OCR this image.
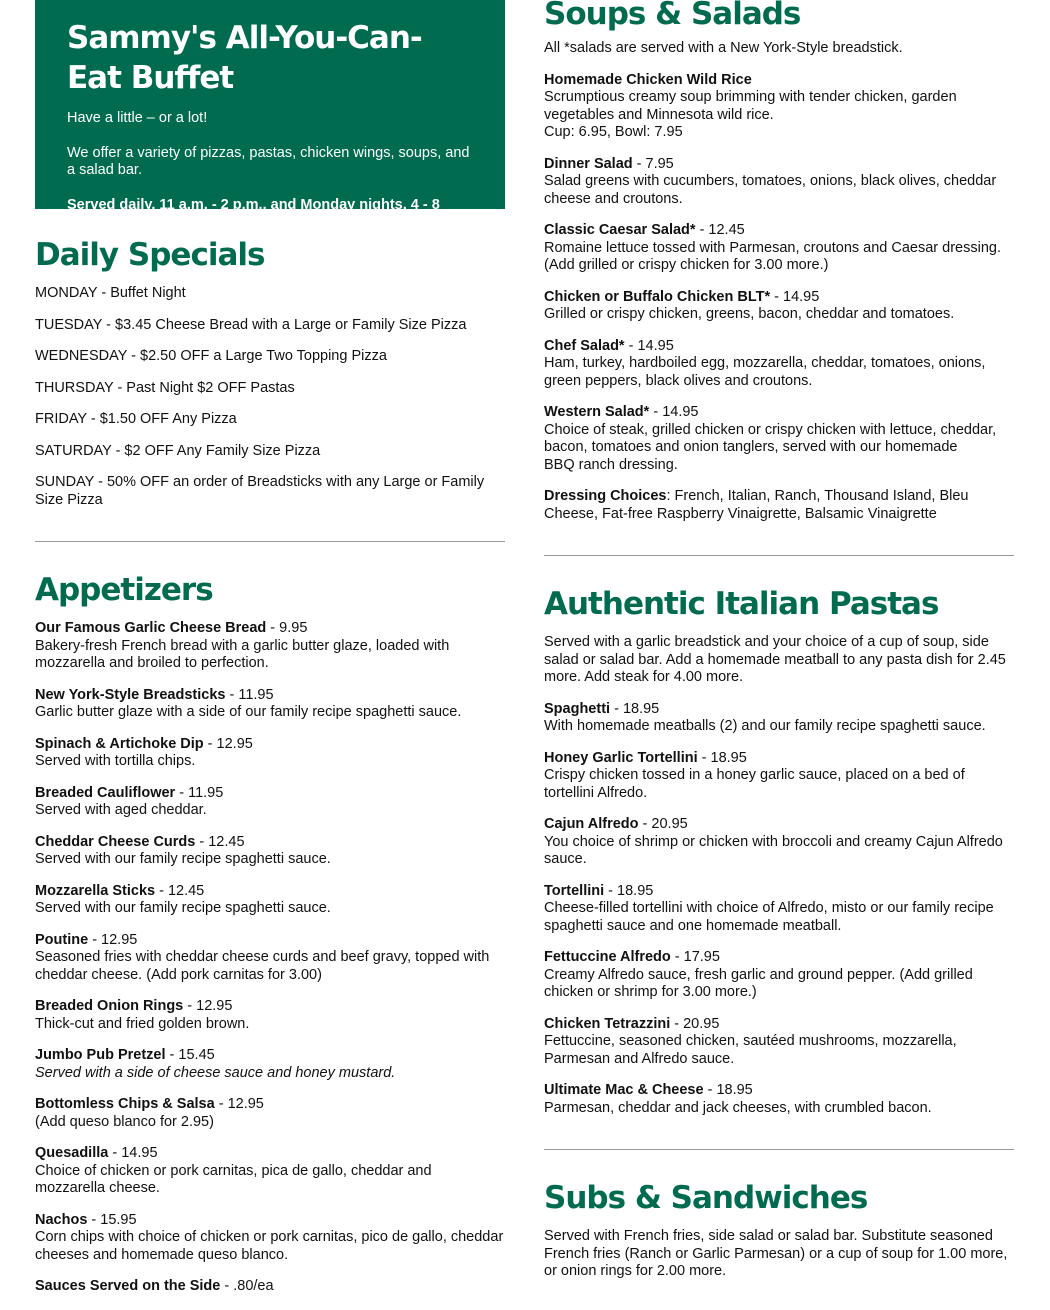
Sammy's All-You-Can-Eat Buffet

Have a little – or a lot!

We offer a variety of pizzas, pastas, chicken wings, soups, and a salad bar.

Served daily, 11 a.m. - 2 p.m., and Monday nights, 4 - 8 p.m.

Daily Specials
MONDAY - Buffet Night
TUESDAY - $3.45 Cheese Bread with a Large or Family Size Pizza
WEDNESDAY - $2.50 OFF a Large Two Topping Pizza
THURSDAY - Past Night $2 OFF Pastas
FRIDAY - $1.50 OFF Any Pizza
SATURDAY - $2 OFF Any Family Size Pizza
SUNDAY - 50% OFF an order of Breadsticks with any Large or Family Size Pizza
Appetizers
Our Famous Garlic Cheese Bread - 9.95
Bakery-fresh French bread with a garlic butter glaze, loaded with mozzarella and broiled to perfection.
New York-Style Breadsticks - 11.95
Garlic butter glaze with a side of our family recipe spaghetti sauce.
Spinach & Artichoke Dip - 12.95
Served with tortilla chips.
Breaded Cauliflower - 11.95
Served with aged cheddar.
Cheddar Cheese Curds - 12.45
Served with our family recipe spaghetti sauce.
Mozzarella Sticks - 12.45
Served with our family recipe spaghetti sauce.
Poutine - 12.95
Seasoned fries with cheddar cheese curds and beef gravy, topped with cheddar cheese. (Add pork carnitas for 3.00)
Breaded Onion Rings - 12.95
Thick-cut and fried golden brown.
Jumbo Pub Pretzel - 15.45
Served with a side of cheese sauce and honey mustard.
Bottomless Chips & Salsa - 12.95
(Add queso blanco for 2.95)
Quesadilla - 14.95
Choice of chicken or pork carnitas, pica de gallo, cheddar and mozzarella cheese.
Nachos - 15.95
Corn chips with choice of chicken or pork carnitas, pico de gallo, cheddar cheeses and homemade queso blanco.
Sauces Served on the Side - .80/ea
Soups & Salads

All *salads are served with a New York-Style breadstick.

Homemade Chicken Wild Rice
Scrumptious creamy soup brimming with tender chicken, garden vegetables and Minnesota wild rice.
Cup: 6.95, Bowl: 7.95
Dinner Salad - 7.95
Salad greens with cucumbers, tomatoes, onions, black olives, cheddar cheese and croutons.
Classic Caesar Salad* - 12.45
Romaine lettuce tossed with Parmesan, croutons and Caesar dressing. (Add grilled or crispy chicken for 3.00 more.)
Chicken or Buffalo Chicken BLT* - 14.95
Grilled or crispy chicken, greens, bacon, cheddar and tomatoes.
Chef Salad* - 14.95
Ham, turkey, hardboiled egg, mozzarella, cheddar, tomatoes, onions, green peppers, black olives and croutons.
Western Salad* - 14.95
Choice of steak, grilled chicken or crispy chicken with lettuce, cheddar, bacon, tomatoes and onion tanglers, served with our homemade
BBQ ranch dressing.
Dressing Choices: French, Italian, Ranch, Thousand Island, Bleu Cheese, Fat-free Raspberry Vinaigrette, Balsamic Vinaigrette
Authentic Italian Pastas

Served with a garlic breadstick and your choice of a cup of soup, side salad or salad bar. Add a homemade meatball to any pasta dish for 2.45 more. Add steak for 4.00 more.

Spaghetti - 18.95
With homemade meatballs (2) and our family recipe spaghetti sauce.
Honey Garlic Tortellini - 18.95
Crispy chicken tossed in a honey garlic sauce, placed on a bed of tortellini Alfredo.
Cajun Alfredo - 20.95
You choice of shrimp or chicken with broccoli and creamy Cajun Alfredo sauce.
Tortellini - 18.95
Cheese-filled tortellini with choice of Alfredo, misto or our family recipe spaghetti sauce and one homemade meatball.
Fettuccine Alfredo - 17.95
Creamy Alfredo sauce, fresh garlic and ground pepper. (Add grilled chicken or shrimp for 3.00 more.)
Chicken Tetrazzini - 20.95
Fettuccine, seasoned chicken, sautéed mushrooms, mozzarella, Parmesan and Alfredo sauce.
Ultimate Mac & Cheese - 18.95
Parmesan, cheddar and jack cheeses, with crumbled bacon.
Subs & Sandwiches

Served with French fries, side salad or salad bar. Substitute seasoned French fries (Ranch or Garlic Parmesan) or a cup of soup for 1.00 more, or onion rings for 2.00 more.
